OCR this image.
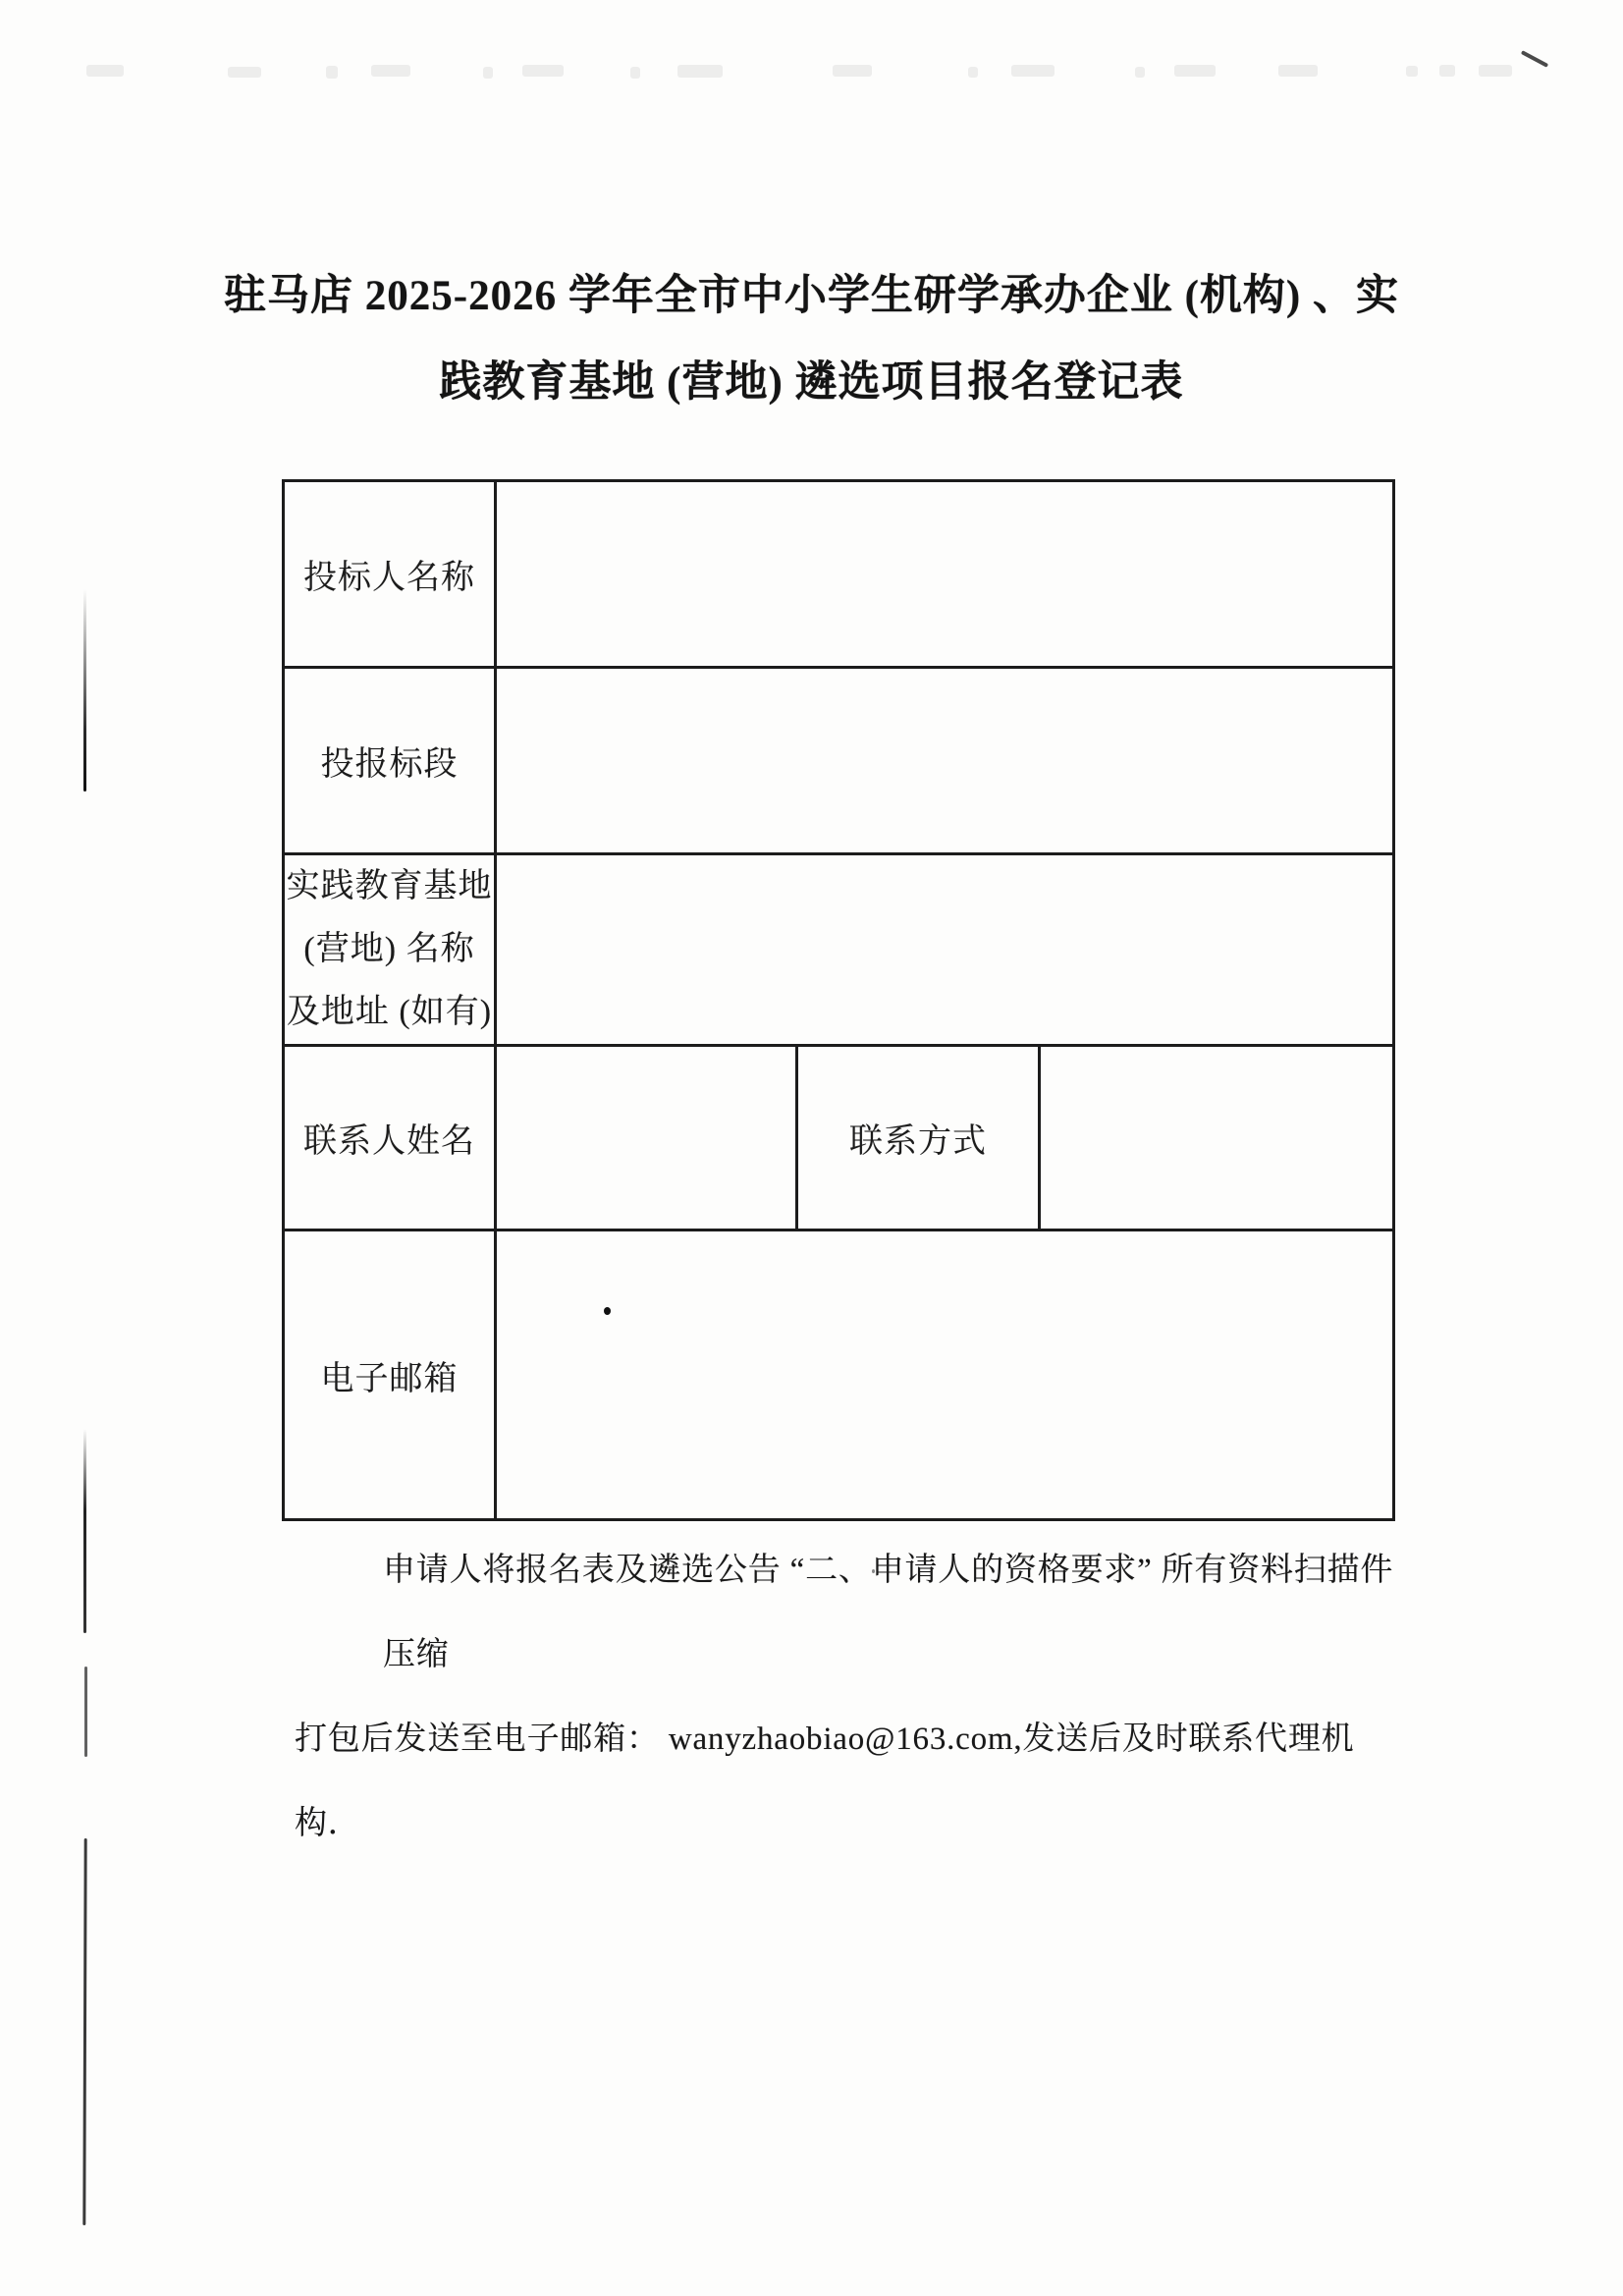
驻马店 2025-2026 学年全市中小学生研学承办企业 (机构) 、实
践教育基地 (营地) 遴选项目报名登记表
投标人名称			
投报标段			

实践教育基地
(营地) 名称
及地址 (如有)			

联系人姓名		联系方式	
电子邮箱			
申请人将报名表及遴选公告 “二、申请人的资格要求” 所有资料扫描件压缩
打包后发送至电子邮箱： wanyzhaobiao@163.com,发送后及时联系代理机构．
